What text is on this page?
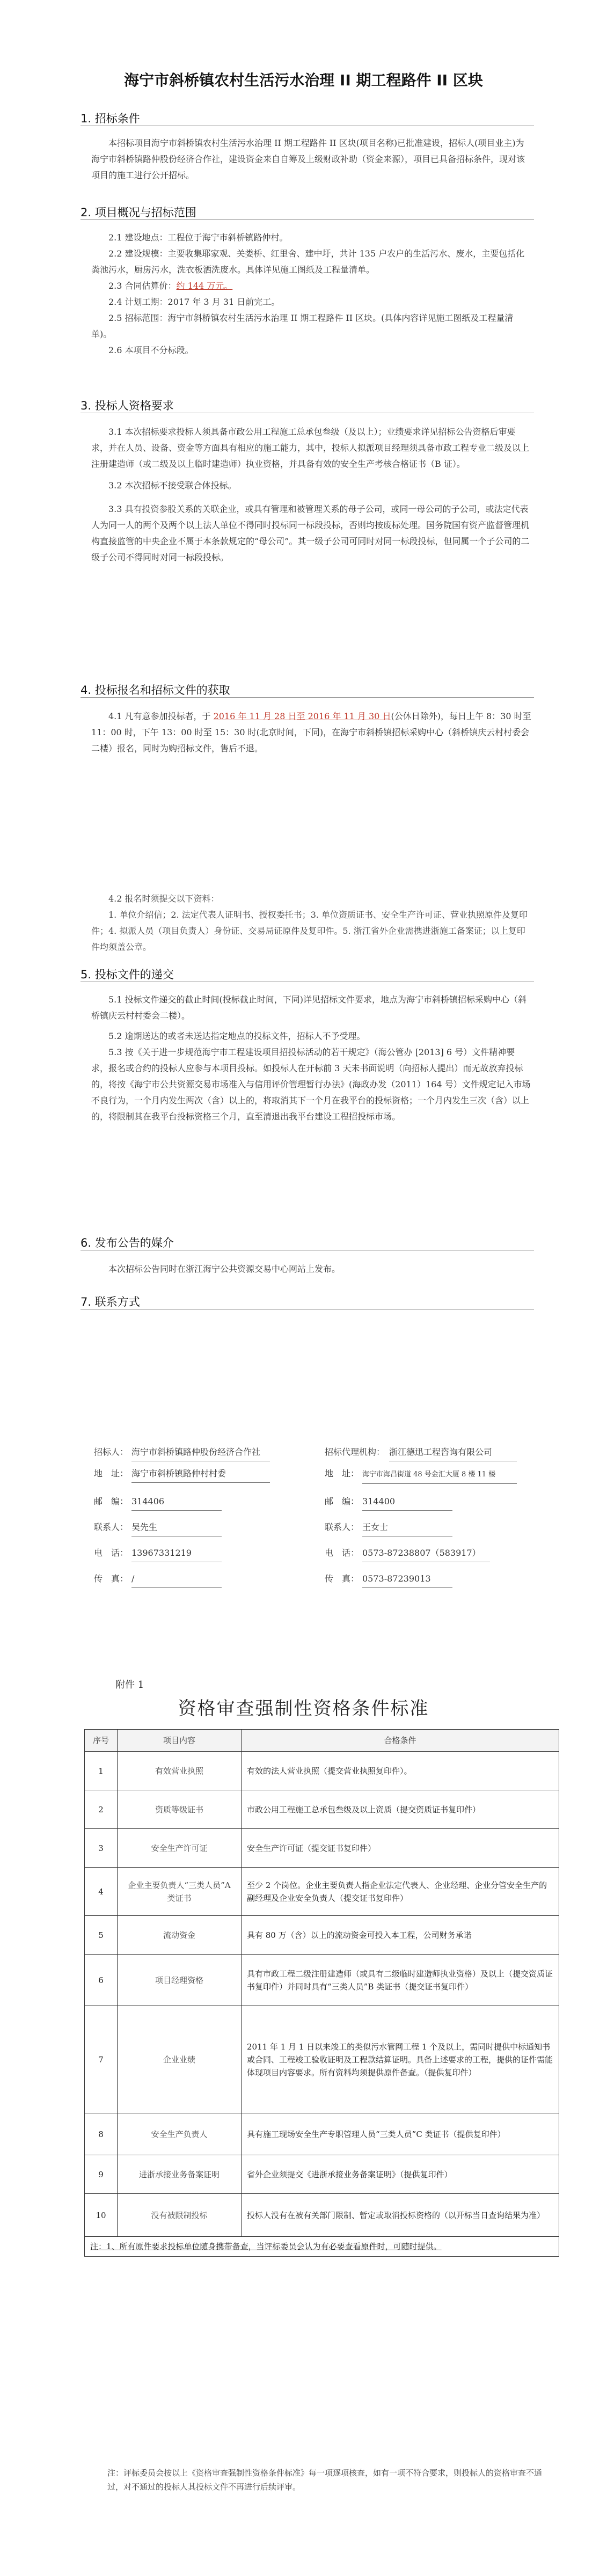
海宁市斜桥镇农村生活污水治理 II 期工程路件 II 区块
1. 招标条件

本招标项目海宁市斜桥镇农村生活污水治理 II 期工程路件 II 区块(项目名称)已批准建设，招标人(项目业主)为海宁市斜桥镇路仲股份经济合作社，建设资金来自自筹及上级财政补助（资金来源），项目已具备招标条件，现对该项目的施工进行公开招标。

2. 项目概况与招标范围

2.1 建设地点：工程位于海宁市斜桥镇路仲村。

2.2 建设规模：主要收集耶家观、关娄桥、红里舍、建中圩，共计 135 户农户的生活污水、废水，主要包括化粪池污水，厨房污水，洗衣板洒洗废水。具体详见施工图纸及工程量清单。

2.3 合同估算价：约 144 万元。

2.4 计划工期：2017 年 3 月 31 日前完工。

2.5 招标范围：海宁市斜桥镇农村生活污水治理 II 期工程路件 II 区块。(具体内容详见施工图纸及工程量清单)。

2.6 本项目不分标段。

3. 投标人资格要求

3.1 本次招标要求投标人须具备市政公用工程施工总承包叁级（及以上）；业绩要求详见招标公告资格后审要求，并在人员、设备、资金等方面具有相应的施工能力，其中，投标人拟派项目经理须具备市政工程专业二级及以上注册建造师（或二级及以上临时建造师）执业资格，并具备有效的安全生产考核合格证书（B 证）。

3.2 本次招标不接受联合体投标。

3.3 具有投资参股关系的关联企业，或具有管理和被管理关系的母子公司，或同一母公司的子公司，或法定代表人为同一人的两个及两个以上法人单位不得同时投标同一标段投标，否则均按废标处理。国务院国有资产监督管理机构直接监管的中央企业不属于本条款规定的“母公司”。其一级子公司可同时对同一标段投标，但同属一个子公司的二级子公司不得同时对同一标段投标。

4. 投标报名和招标文件的获取

4.1 凡有意参加投标者，于 2016 年 11 月 28 日至 2016 年 11 月 30 日(公休日除外)，每日上午 8：30 时至 11：00 时，下午 13：00 时至 15：30 时(北京时间，下同)，在海宁市斜桥镇招标采购中心（斜桥镇庆云村村委会二楼）报名，同时为购招标文件，售后不退。

4.2 报名时须提交以下资料：

1. 单位介绍信；2. 法定代表人证明书、授权委托书；3. 单位资质证书、安全生产许可证、营业执照原件及复印件；4. 拟派人员（项目负责人）身份证、交易局证原件及复印件。5. 浙江省外企业需携进浙施工备案证；以上复印件均须盖公章。

5. 投标文件的递交

5.1 投标文件递交的截止时间(投标截止时间，下同)详见招标文件要求，地点为海宁市斜桥镇招标采购中心（斜桥镇庆云村村委会二楼）。

5.2 逾期送达的或者未送达指定地点的投标文件，招标人不予受理。

5.3 按《关于进一步规范海宁市工程建设项目招投标活动的若干规定》（海公管办 [2013] 6 号）文件精神要求，报名或合约的投标人应参与本项目投标。如投标人在开标前 3 天未书面说明（向招标人提出）而无故放弃投标的，将按《海宁市公共资源交易市场准入与信用评价管理暂行办法》(海政办发（2011）164 号）文件规定记入市场不良行为，一个月内发生两次（含）以上的，将取消其下一个月在我平台的投标资格；一个月内发生三次（含）以上的，将限制其在我平台投标资格三个月，直至清退出我平台建设工程招投标市场。

6. 发布公告的媒介

本次招标公告同时在浙江海宁公共资源交易中心网站上发布。

7. 联系方式
招标人： 海宁市斜桥镇路仲股份经济合作社
地　址： 海宁市斜桥镇路仲村村委
邮　编： 314406
联系人： 吴先生
电　话： 13967331219
传　真： /
招标代理机构： 浙江德迅工程咨询有限公司
地　址： 海宁市海昌街道 48 号金汇大厦 8 楼 11 楼
邮　编： 314400
联系人： 王女士
电　话： 0573-87238807（583917）
传　真： 0573-87239013
附件 1
资格审查强制性资格条件标准
序号	项目内容	合格条件
1	有效营业执照	有效的法人营业执照（提交营业执照复印件）。
2	资质等级证书	市政公用工程施工总承包叁级及以上资质（提交资质证书复印件）
3	安全生产许可证	安全生产许可证（提交证书复印件）
4	企业主要负责人“三类人员”A 类证书	至少 2 个岗位。企业主要负责人指企业法定代表人、企业经理、企业分管安全生产的副经理及企业安全负责人（提交证书复印件）
5	流动资金	具有 80 万（含）以上的流动资金可投入本工程，公司财务承诺
6	项目经理资格	具有市政工程二级注册建造师（或具有二级临时建造师执业资格）及以上（提交资质证书复印件）并同时具有“三类人员”B 类证书（提交证书复印件）
7	企业业绩	2011 年 1 月 1 日以来竣工的类似污水管网工程 1 个及以上，需同时提供中标通知书或合同、工程竣工验收证明及工程款结算证明。具备上述要求的工程，提供的证件需能体现项目内容要求。所有资料均须提供原件备查。（提供复印件）
8	安全生产负责人	具有施工现场安全生产专职管理人员“三类人员”C 类证书（提供复印件）
9	进浙承接业务备案证明	省外企业须提交《进浙承接业务备案证明》（提供复印件）
10	没有被限制投标	投标人没有在被有关部门限制、暂定或取消投标资格的（以开标当日查询结果为准）
注：1、所有原件要求投标单位随身携带备查，当评标委员会认为有必要查看原件时，可随时提供。		
注：评标委员会按以上《资格审查强制性资格条件标准》每一项逐项核查，如有一项不符合要求，则投标人的资格审查不通过，对不通过的投标人其投标文件不再进行后续评审。
